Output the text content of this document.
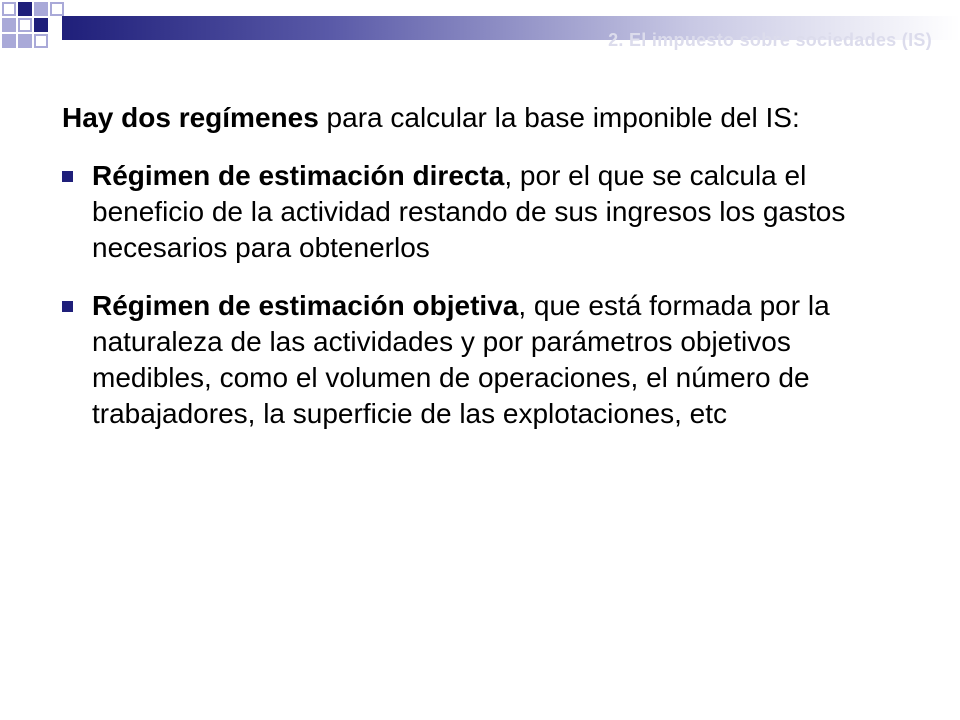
2. El impuesto sobre sociedades (IS)

Hay dos regímenes para calcular la base imponible del IS:

Régimen de estimación directa, por el que se calcula el beneficio de la actividad restando de sus ingresos los gastos necesarios para obtenerlos
Régimen de estimación objetiva, que está formada por la naturaleza de las actividades y por parámetros objetivos medibles, como el volumen de operaciones, el número de trabajadores, la superficie de las explotaciones, etc
